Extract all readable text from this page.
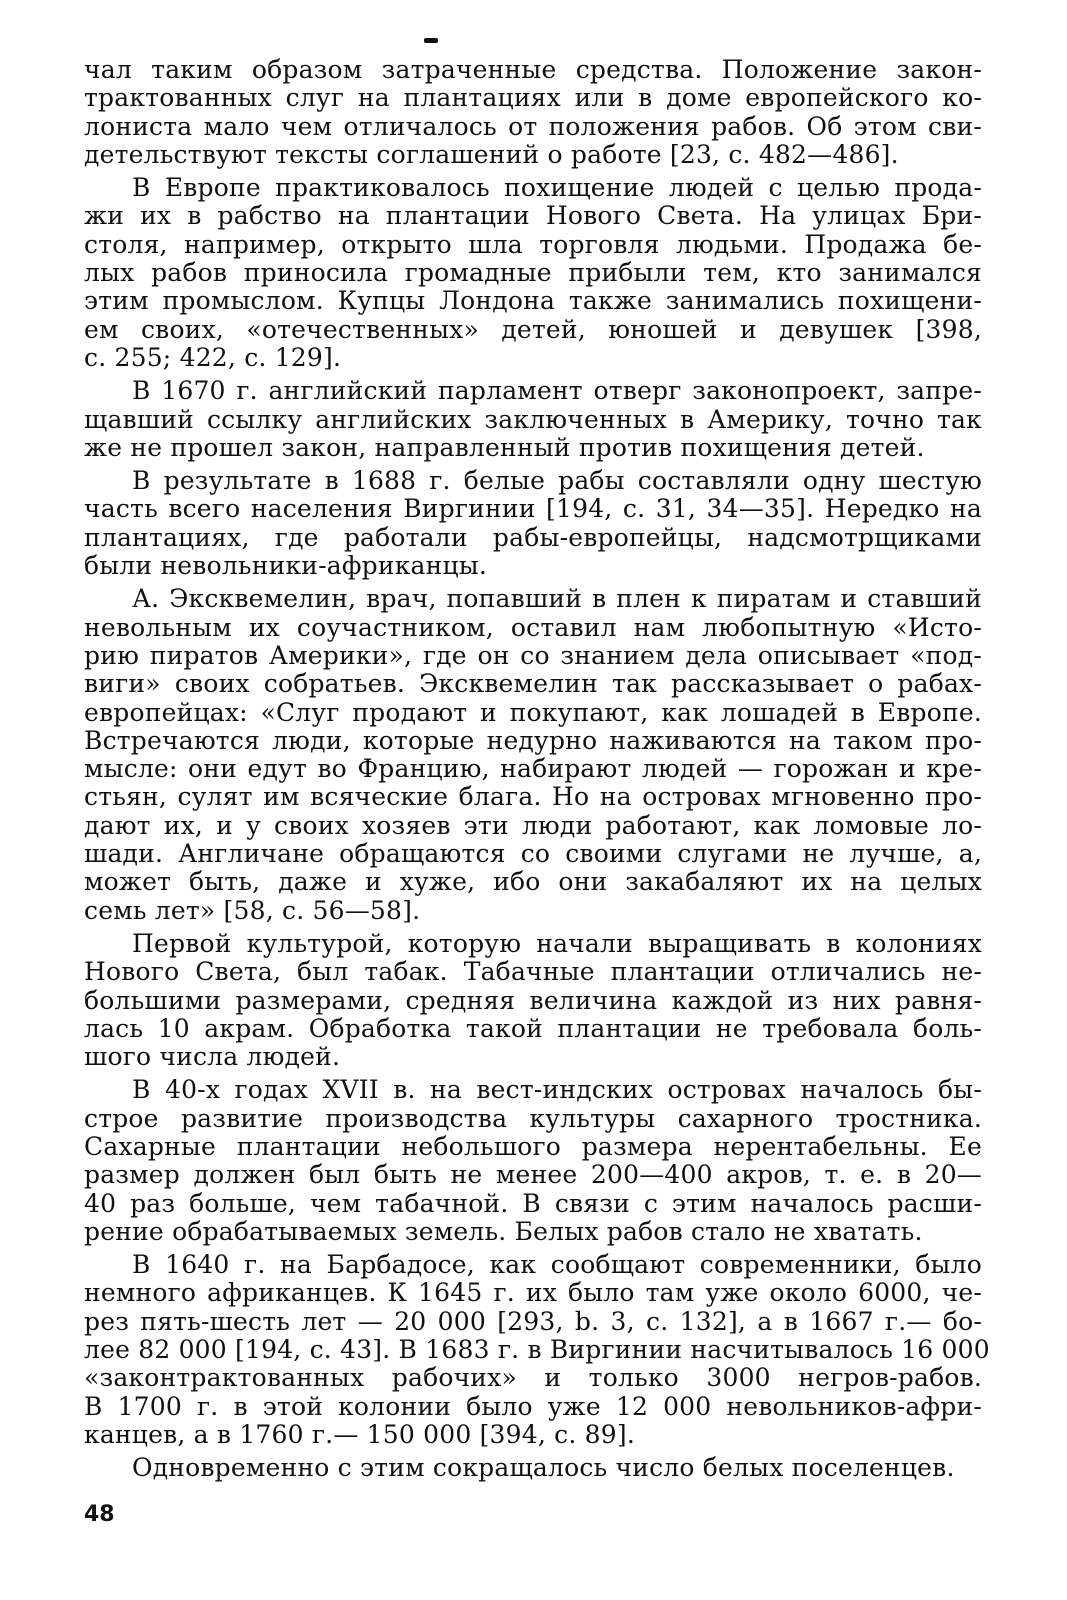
чал таким образом затраченные средства. Положение закон-
трактованных слуг на плантациях или в доме европейского ко-
лониста мало чем отличалось от положения рабов. Об этом сви-
детельствуют тексты соглашений о работе [23, с. 482—486].
В Европе практиковалось похищение людей с целью прода-
жи их в рабство на плантации Нового Света. На улицах Бри-
столя, например, открыто шла торговля людьми. Продажа бе-
лых рабов приносила громадные прибыли тем, кто занимался
этим промыслом. Купцы Лондона также занимались похищени-
ем своих, «отечественных» детей, юношей и девушек [398,
с. 255; 422, с. 129].
В 1670 г. английский парламент отверг законопроект, запре-
щавший ссылку английских заключенных в Америку, точно так
же не прошел закон, направленный против похищения детей.
В результате в 1688 г. белые рабы составляли одну шестую
часть всего населения Виргинии [194, с. 31, 34—35]. Нередко на
плантациях, где работали рабы-европейцы, надсмотрщиками
были невольники-африканцы.
А. Эксквемелин, врач, попавший в плен к пиратам и ставший
невольным их соучастником, оставил нам любопытную «Исто-
рию пиратов Америки», где он со знанием дела описывает «под-
виги» своих собратьев. Эксквемелин так рассказывает о рабах-
европейцах: «Слуг продают и покупают, как лошадей в Европе.
Встречаются люди, которые недурно наживаются на таком про-
мысле: они едут во Францию, набирают людей — горожан и кре-
стьян, сулят им всяческие блага. Но на островах мгновенно про-
дают их, и у своих хозяев эти люди работают, как ломовые ло-
шади. Англичане обращаются со своими слугами не лучше, а,
может быть, даже и хуже, ибо они закабаляют их на целых
семь лет» [58, с. 56—58].
Первой культурой, которую начали выращивать в колониях
Нового Света, был табак. Табачные плантации отличались не-
большими размерами, средняя величина каждой из них равня-
лась 10 акрам. Обработка такой плантации не требовала боль-
шого числа людей.
В 40-х годах XVII в. на вест-индских островах началось бы-
строе развитие производства культуры сахарного тростника.
Сахарные плантации небольшого размера нерентабельны. Ее
размер должен был быть не менее 200—400 акров, т. е. в 20—
40 раз больше, чем табачной. В связи с этим началось расши-
рение обрабатываемых земель. Белых рабов стало не хватать.
В 1640 г. на Барбадосе, как сообщают современники, было
немного африканцев. К 1645 г. их было там уже около 6000, че-
рез пять-шесть лет — 20 000 [293, b. 3, с. 132], а в 1667 г.— бо-
лее 82 000 [194, с. 43]. В 1683 г. в Виргинии насчитывалось 16 000
«законтрактованных рабочих» и только 3000 негров-рабов.
В 1700 г. в этой колонии было уже 12 000 невольников-афри-
канцев, а в 1760 г.— 150 000 [394, с. 89].
Одновременно с этим сокращалось число белых поселенцев.
48
